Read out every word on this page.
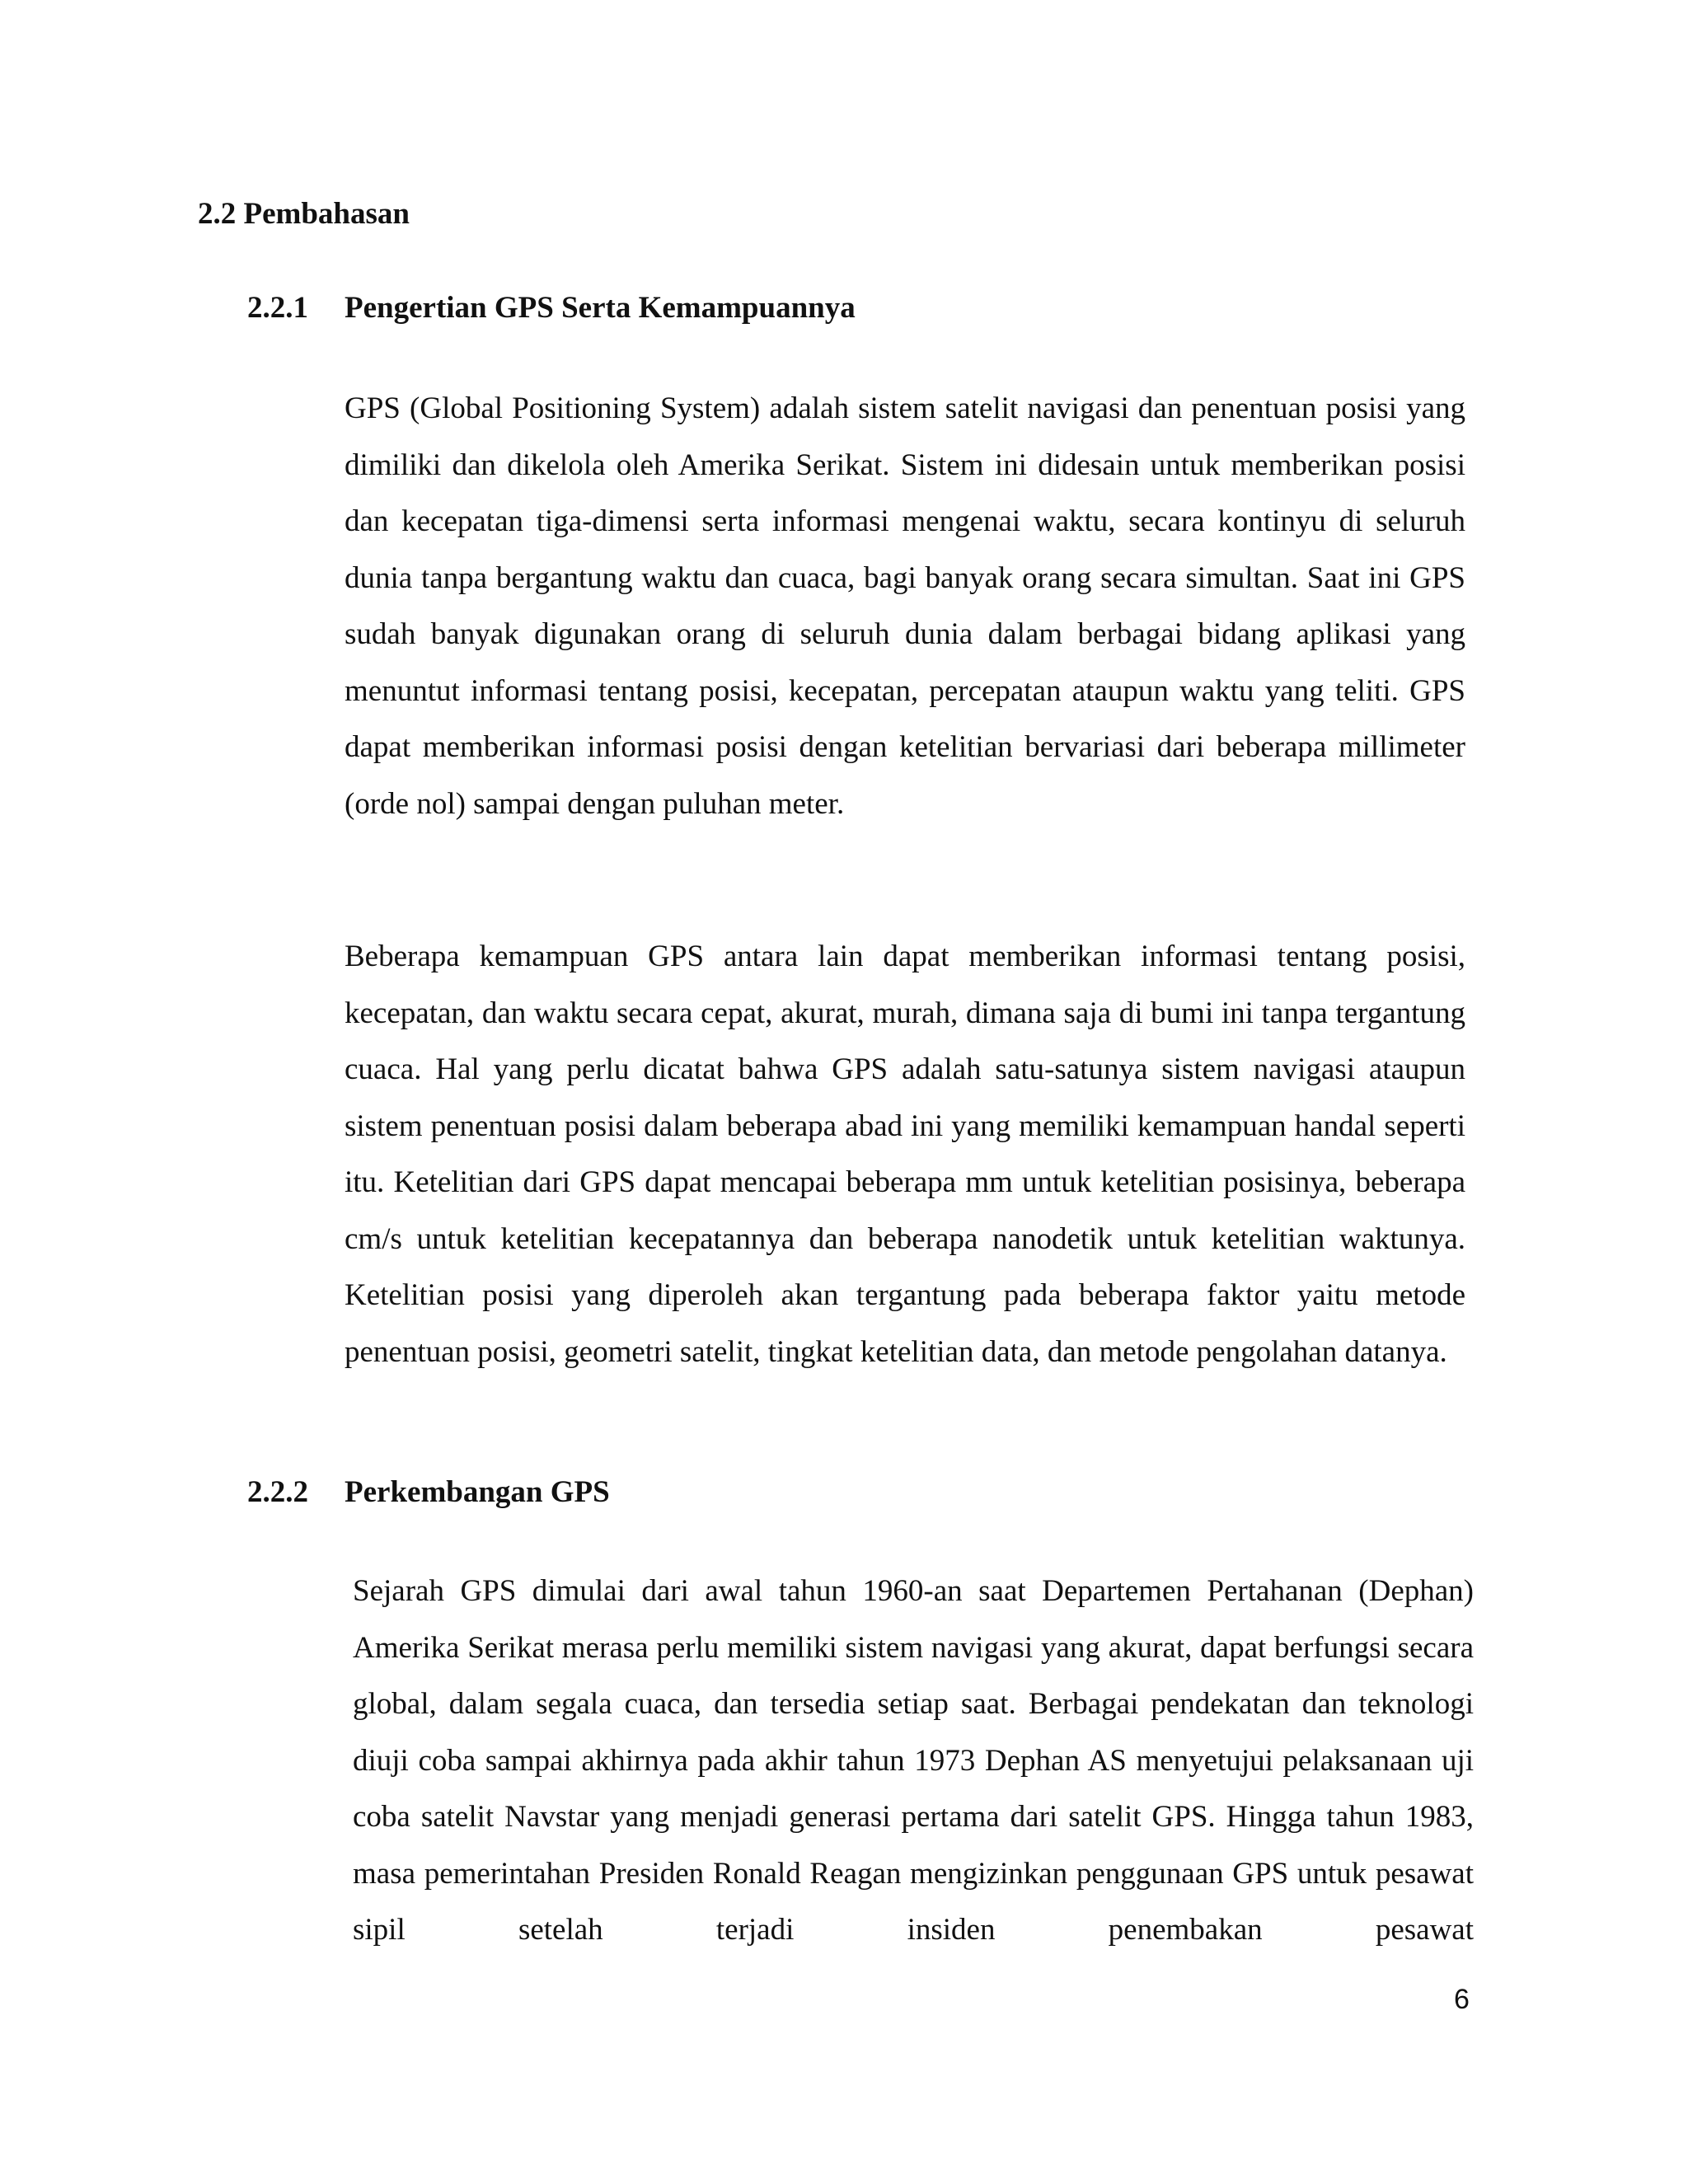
2.2 Pembahasan
2.2.1 Pengertian GPS Serta Kemampuannya

GPS (Global Positioning System) adalah sistem satelit navigasi dan penentuan posisi yang dimiliki dan dikelola oleh Amerika Serikat. Sistem ini didesain untuk memberikan posisi dan kecepatan tiga-dimensi serta informasi mengenai waktu, secara kontinyu di seluruh dunia tanpa bergantung waktu dan cuaca, bagi banyak orang secara simultan. Saat ini GPS sudah banyak digunakan orang di seluruh dunia dalam berbagai bidang aplikasi yang menuntut informasi tentang posisi, kecepatan, percepatan ataupun waktu yang teliti. GPS dapat memberikan informasi posisi dengan ketelitian bervariasi dari beberapa millimeter (orde nol) sampai dengan puluhan meter.

Beberapa kemampuan GPS antara lain dapat memberikan informasi tentang posisi, kecepatan, dan waktu secara cepat, akurat, murah, dimana saja di bumi ini tanpa tergantung cuaca. Hal yang perlu dicatat bahwa GPS adalah satu-satunya sistem navigasi ataupun sistem penentuan posisi dalam beberapa abad ini yang memiliki kemampuan handal seperti itu. Ketelitian dari GPS dapat mencapai beberapa mm untuk ketelitian posisinya, beberapa cm/s untuk ketelitian kecepatannya dan beberapa nanodetik untuk ketelitian waktunya. Ketelitian posisi yang diperoleh akan tergantung pada beberapa faktor yaitu metode penentuan posisi, geometri satelit, tingkat ketelitian data, dan metode pengolahan datanya.

2.2.2 Perkembangan GPS

Sejarah GPS dimulai dari awal tahun 1960-an saat Departemen Pertahanan (Dephan) Amerika Serikat merasa perlu memiliki sistem navigasi yang akurat, dapat berfungsi secara global, dalam segala cuaca, dan tersedia setiap saat. Berbagai pendekatan dan teknologi diuji coba sampai akhirnya pada akhir tahun 1973 Dephan AS menyetujui pelaksanaan uji coba satelit Navstar yang menjadi generasi pertama dari satelit GPS. Hingga tahun 1983, masa pemerintahan Presiden Ronald Reagan mengizinkan penggunaan GPS untuk pesawat sipil setelah terjadi insiden penembakan pesawat

6
